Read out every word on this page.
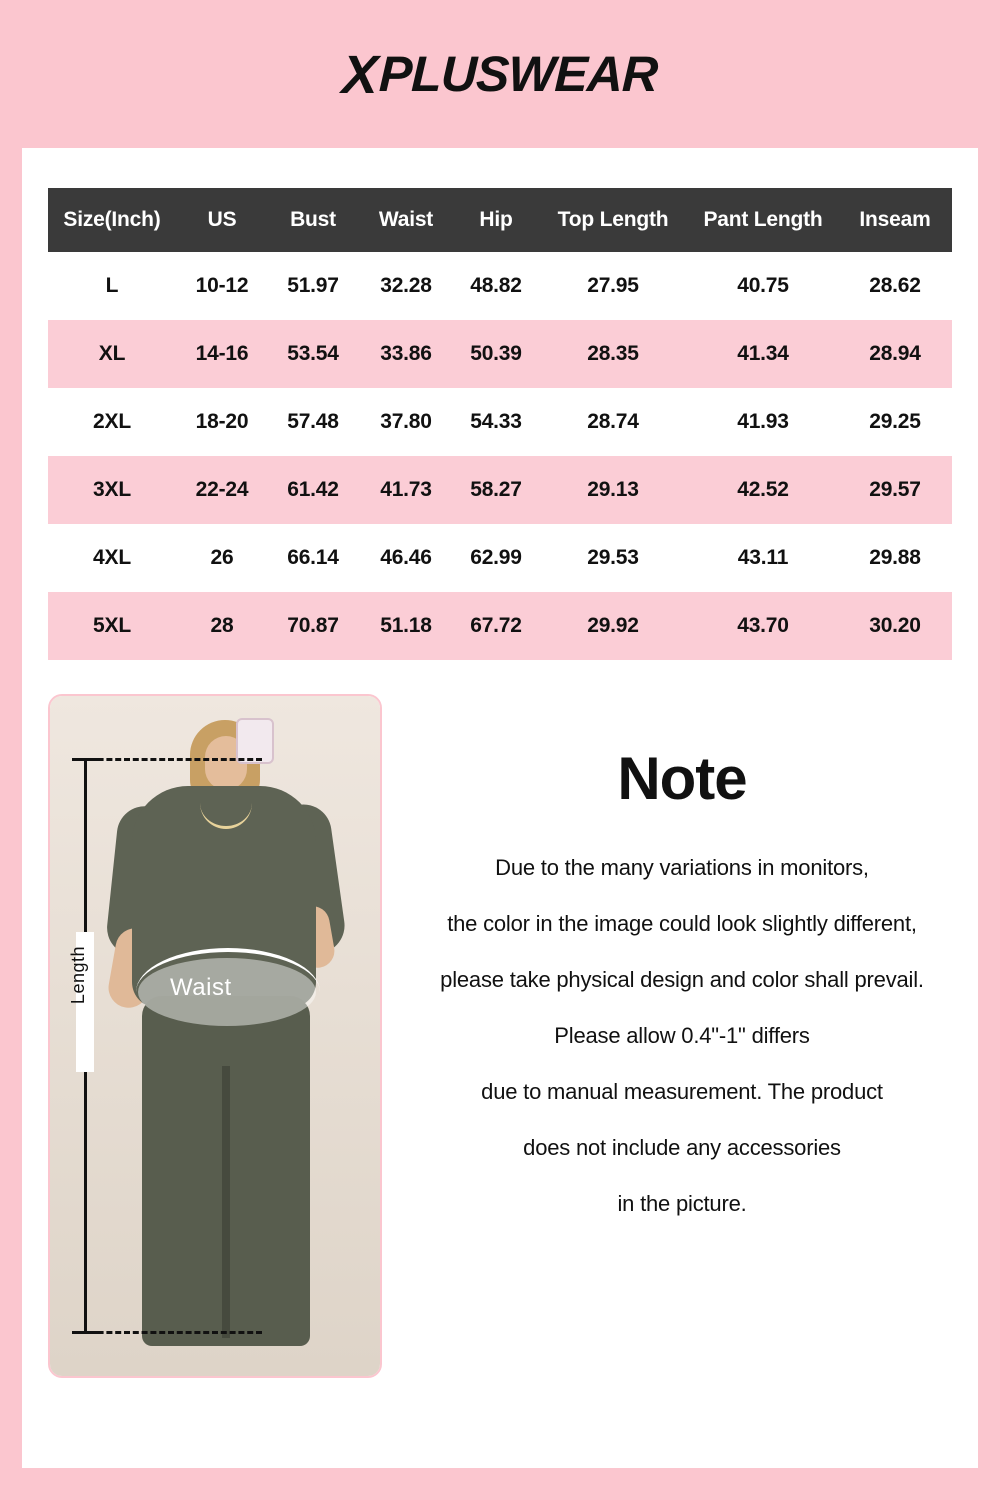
X PLUSWEAR
Size(Inch)	US	Bust	Waist	Hip	Top Length	Pant Length	Inseam
L	10-12	51.97	32.28	48.82	27.95	40.75	28.62
XL	14-16	53.54	33.86	50.39	28.35	41.34	28.94
2XL	18-20	57.48	37.80	54.33	28.74	41.93	29.25
3XL	22-24	61.42	41.73	58.27	29.13	42.52	29.57
4XL	26	66.14	46.46	62.99	29.53	43.11	29.88
5XL	28	70.87	51.18	67.72	29.92	43.70	30.20
Waist
Length
Note
Due to the many variations in monitors,
the color in the image could look slightly different,
please take physical design and color shall prevail.
Please allow 0.4"-1" differs
due to manual measurement. The product
does not include any accessories
in the picture.
